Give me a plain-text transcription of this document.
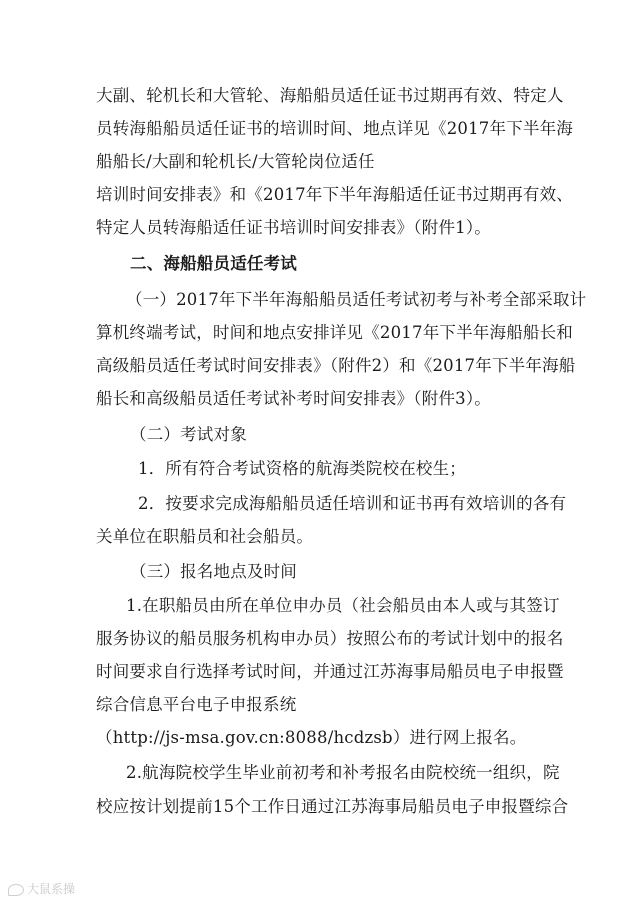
大副、轮机长和大管轮、海船船员适任证书过期再有效、特定人
员转海船船员适任证书的培训时间、地点详见《2017年下半年海
船船长/大副和轮机长/大管轮岗位适任
培训时间安排表》和《2017年下半年海船适任证书过期再有效、
特定人员转海船适任证书培训时间安排表》（附件1）。
二、海船船员适任考试
（一）2017年下半年海船船员适任考试初考与补考全部采取计
算机终端考试，时间和地点安排详见《2017年下半年海船船长和
高级船员适任考试时间安排表》（附件2）和《2017年下半年海船
船长和高级船员适任考试补考时间安排表》（附件3）。
（二）考试对象
1．所有符合考试资格的航海类院校在校生；
2．按要求完成海船船员适任培训和证书再有效培训的各有
关单位在职船员和社会船员。
（三）报名地点及时间
1.在职船员由所在单位申办员（社会船员由本人或与其签订
服务协议的船员服务机构申办员）按照公布的考试计划中的报名
时间要求自行选择考试时间，并通过江苏海事局船员电子申报暨
综合信息平台电子申报系统
（http://js-msa.gov.cn:8088/hcdzsb）进行网上报名。
2.航海院校学生毕业前初考和补考报名由院校统一组织，院
校应按计划提前15个工作日通过江苏海事局船员电子申报暨综合
大鼠系操
